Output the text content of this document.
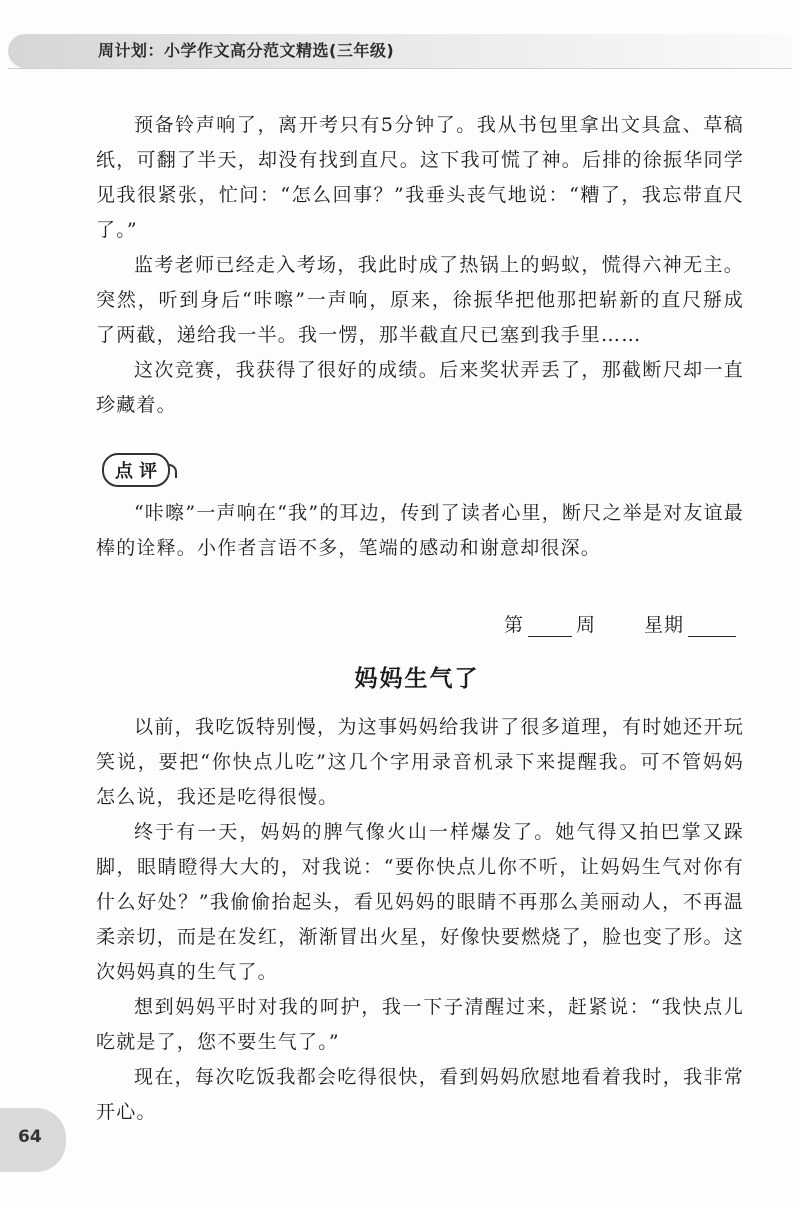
周计划：小学作文高分范文精选(三年级)

预备铃声响了，离开考只有5分钟了。我从书包里拿出文具盒、草稿纸，可翻了半天，却没有找到直尺。这下我可慌了神。后排的徐振华同学见我很紧张，忙问：“怎么回事？”我垂头丧气地说：“糟了，我忘带直尺了。”

监考老师已经走入考场，我此时成了热锅上的蚂蚁，慌得六神无主。突然，听到身后“咔嚓”一声响，原来，徐振华把他那把崭新的直尺掰成了两截，递给我一半。我一愣，那半截直尺已塞到我手里……

这次竞赛，我获得了很好的成绩。后来奖状弄丢了，那截断尺却一直珍藏着。

点评

“咔嚓”一声响在“我”的耳边，传到了读者心里，断尺之举是对友谊最棒的诠释。小作者言语不多，笔端的感动和谢意却很深。

第	周	星期
妈妈生气了

以前，我吃饭特别慢，为这事妈妈给我讲了很多道理，有时她还开玩笑说，要把“你快点儿吃”这几个字用录音机录下来提醒我。可不管妈妈怎么说，我还是吃得很慢。

终于有一天，妈妈的脾气像火山一样爆发了。她气得又拍巴掌又跺脚，眼睛瞪得大大的，对我说：“要你快点儿你不听，让妈妈生气对你有什么好处？”我偷偷抬起头，看见妈妈的眼睛不再那么美丽动人，不再温柔亲切，而是在发红，渐渐冒出火星，好像快要燃烧了，脸也变了形。这次妈妈真的生气了。

想到妈妈平时对我的呵护，我一下子清醒过来，赶紧说：“我快点儿吃就是了，您不要生气了。”

现在，每次吃饭我都会吃得很快，看到妈妈欣慰地看着我时，我非常开心。

64
